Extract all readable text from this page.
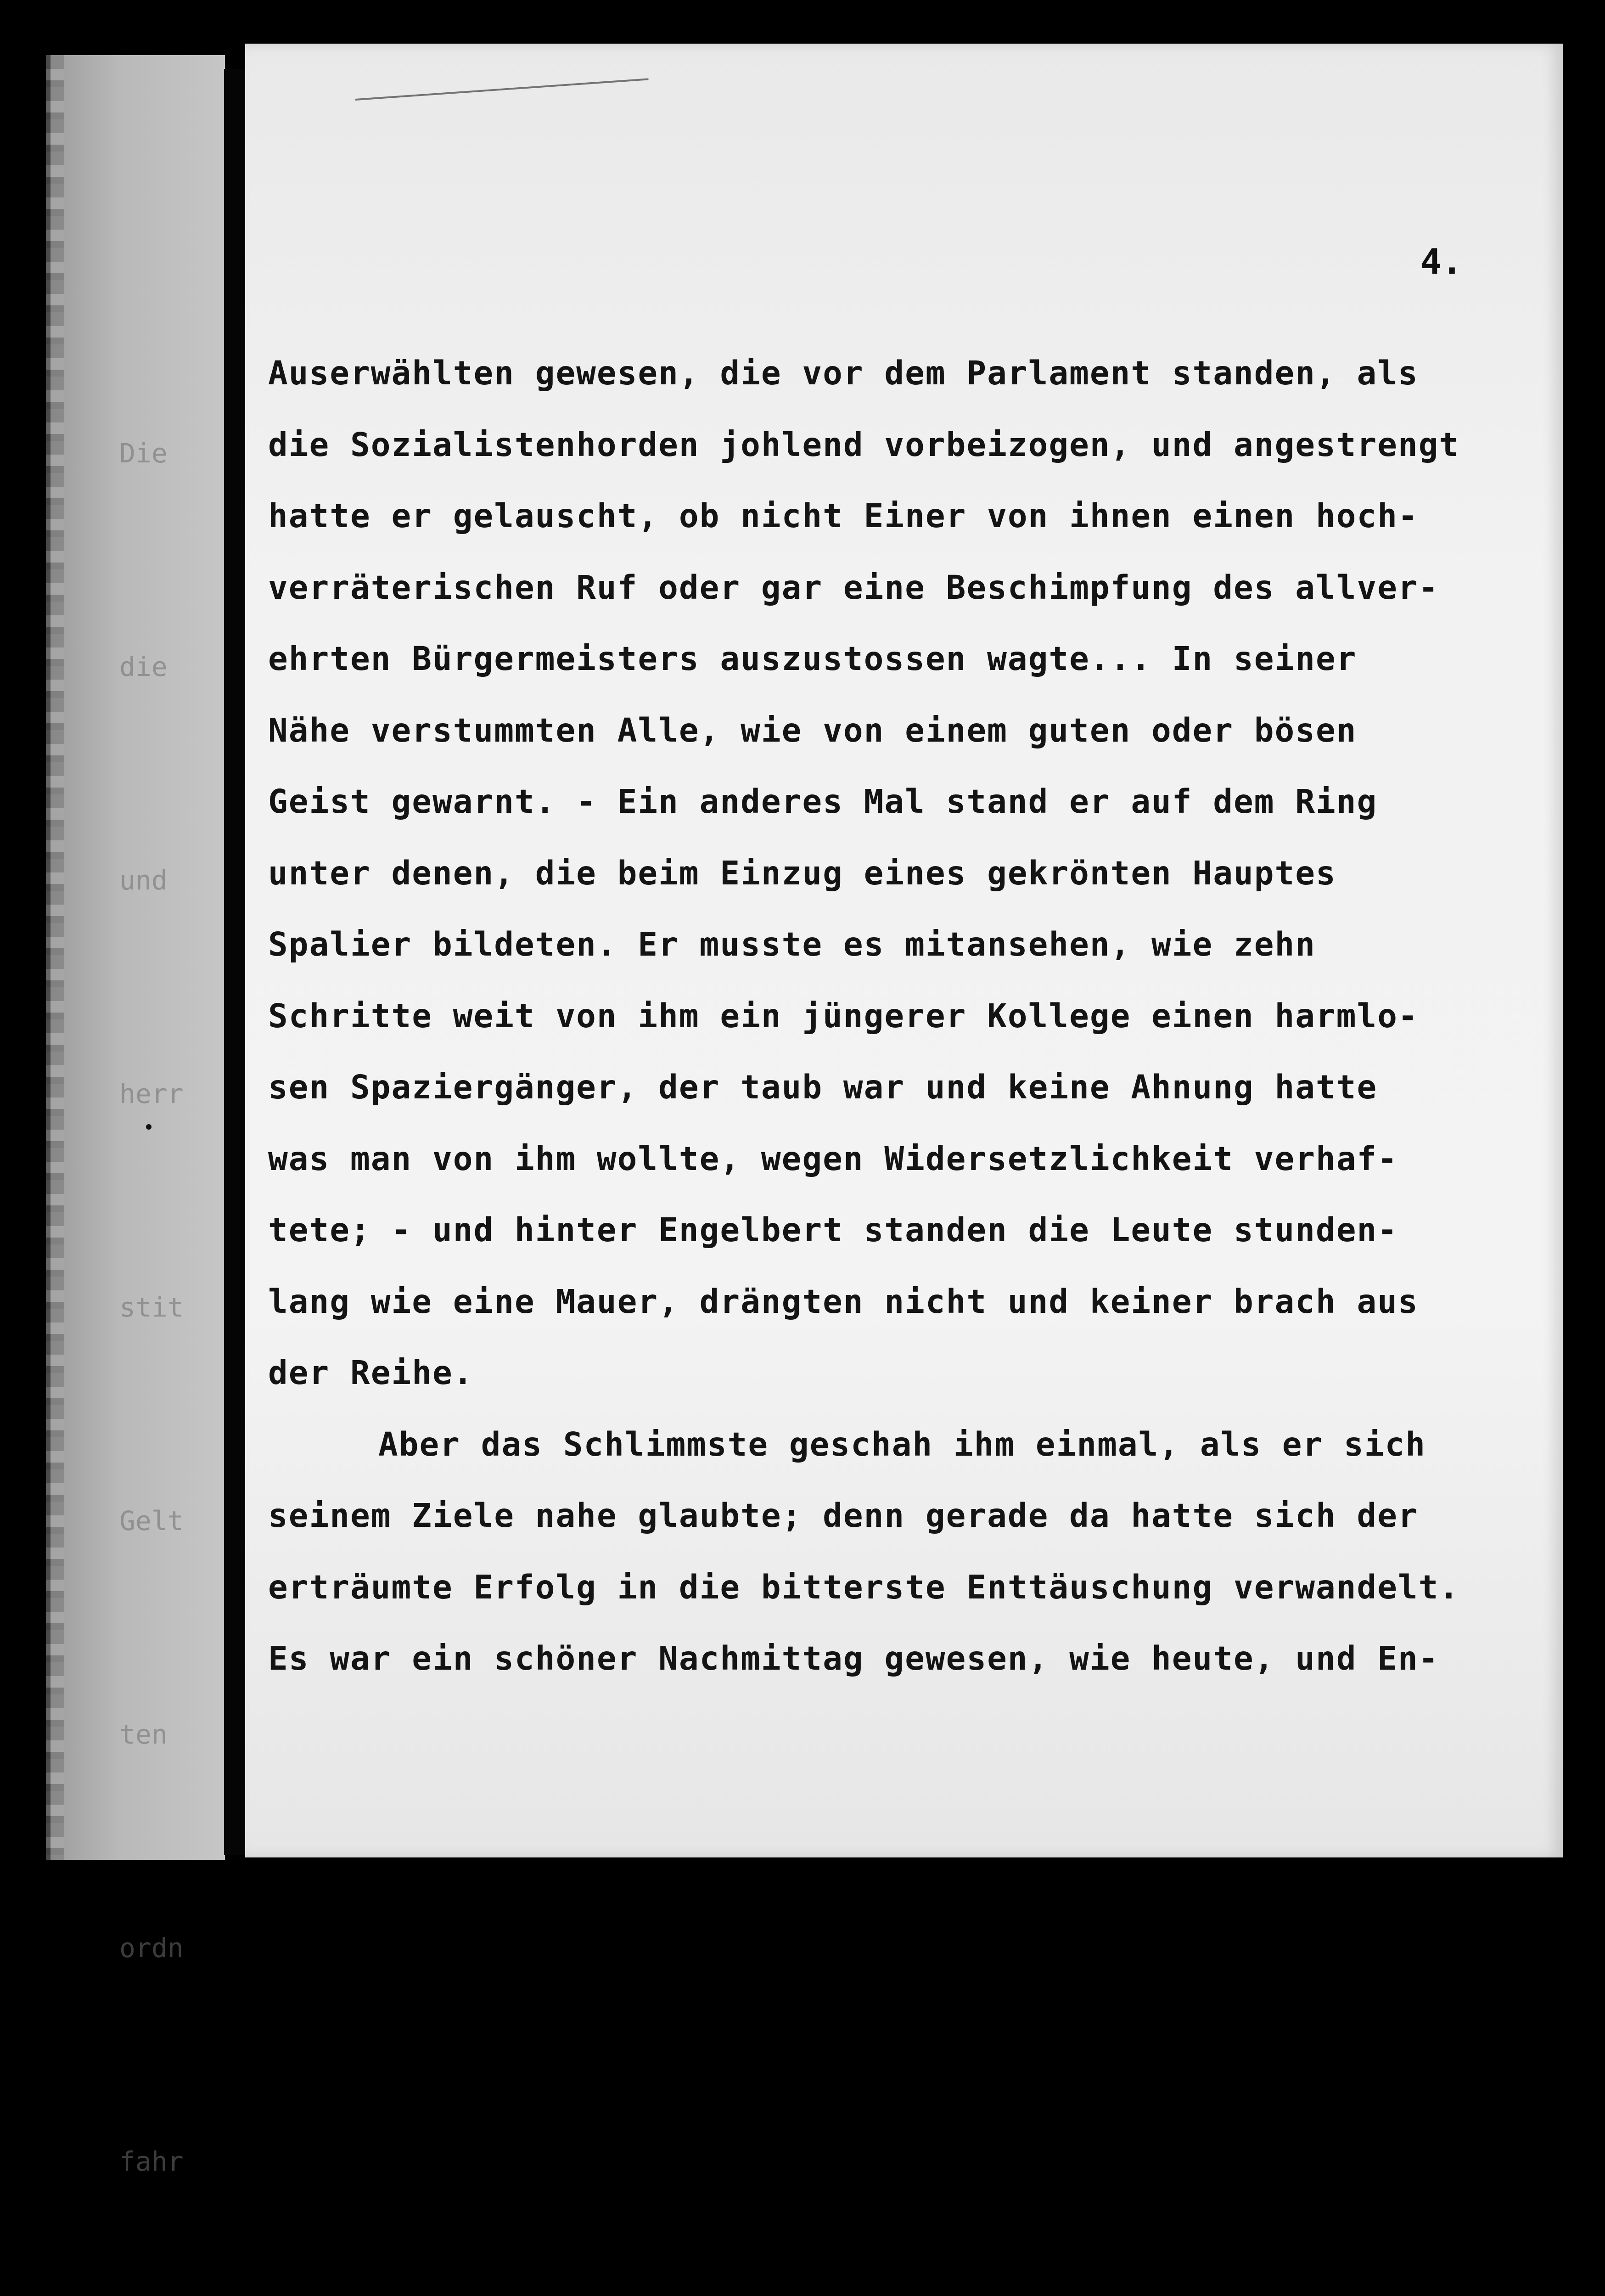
Die

die

und

herr

stit

Gelt

ten

ordn

fahr

4.
Auserwählten gewesen, die vor dem Parlament standen, als
die Sozialistenhorden johlend vorbeizogen, und angestrengt
hatte er gelauscht, ob nicht Einer von ihnen einen hoch-
verräterischen Ruf oder gar eine Beschimpfung des allver-
ehrten Bürgermeisters auszustossen wagte... In seiner
Nähe verstummten Alle, wie von einem guten oder bösen
Geist gewarnt. - Ein anderes Mal stand er auf dem Ring
unter denen, die beim Einzug eines gekrönten Hauptes
Spalier bildeten. Er musste es mitansehen, wie zehn
Schritte weit von ihm ein jüngerer Kollege einen harmlo-
sen Spaziergänger, der taub war und keine Ahnung hatte
was man von ihm wollte, wegen Widersetzlichkeit verhaf-
tete; - und hinter Engelbert standen die Leute stunden-
lang wie eine Mauer, drängten nicht und keiner brach aus
der Reihe.
Aber das Schlimmste geschah ihm einmal, als er sich
seinem Ziele nahe glaubte; denn gerade da hatte sich der
erträumte Erfolg in die bitterste Enttäuschung verwandelt.
Es war ein schöner Nachmittag gewesen, wie heute, und En-
